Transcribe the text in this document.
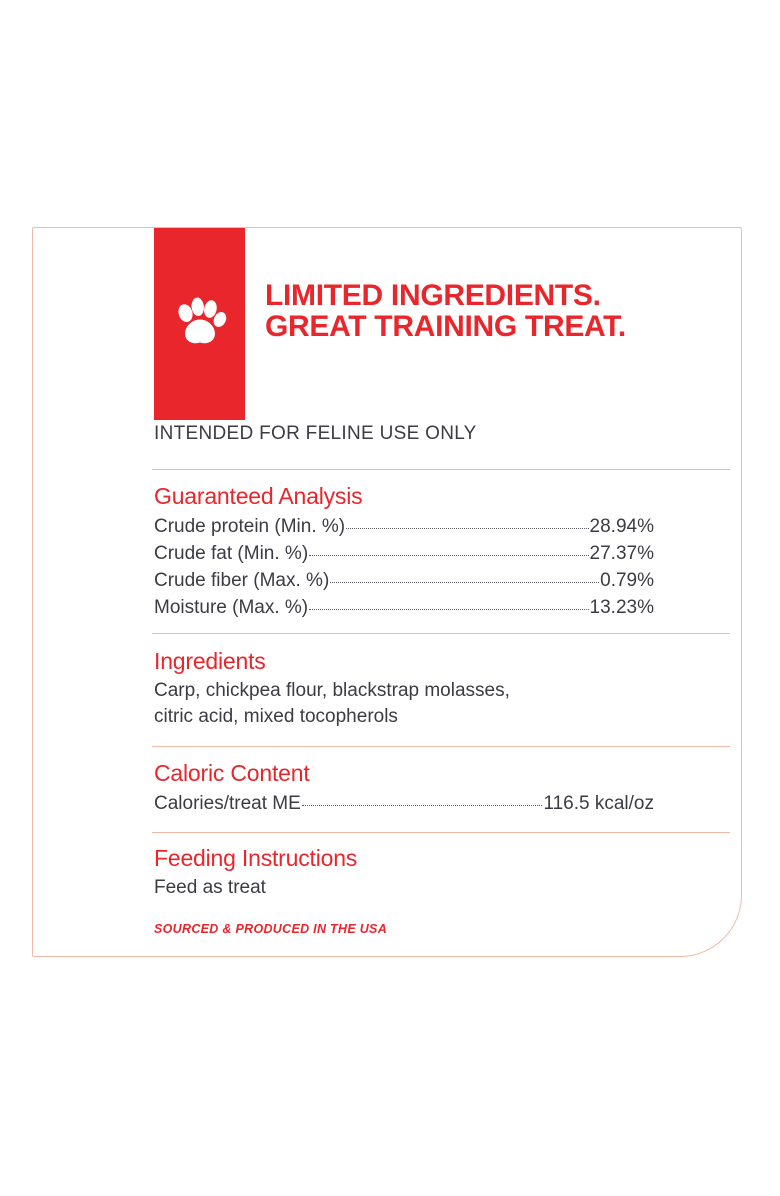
LIMITED INGREDIENTS. GREAT TRAINING TREAT.
INTENDED FOR FELINE USE ONLY
Guaranteed Analysis
Crude protein (Min. %)	28.94%
Crude fat (Min. %)	27.37%
Crude fiber (Max. %)	0.79%
Moisture (Max. %)	13.23%
Ingredients
Carp, chickpea flour, blackstrap molasses,
citric acid, mixed tocopherols
Caloric Content
Calories/treat ME	116.5 kcal/oz
Feeding Instructions
Feed as treat
SOURCED & PRODUCED IN THE USA
